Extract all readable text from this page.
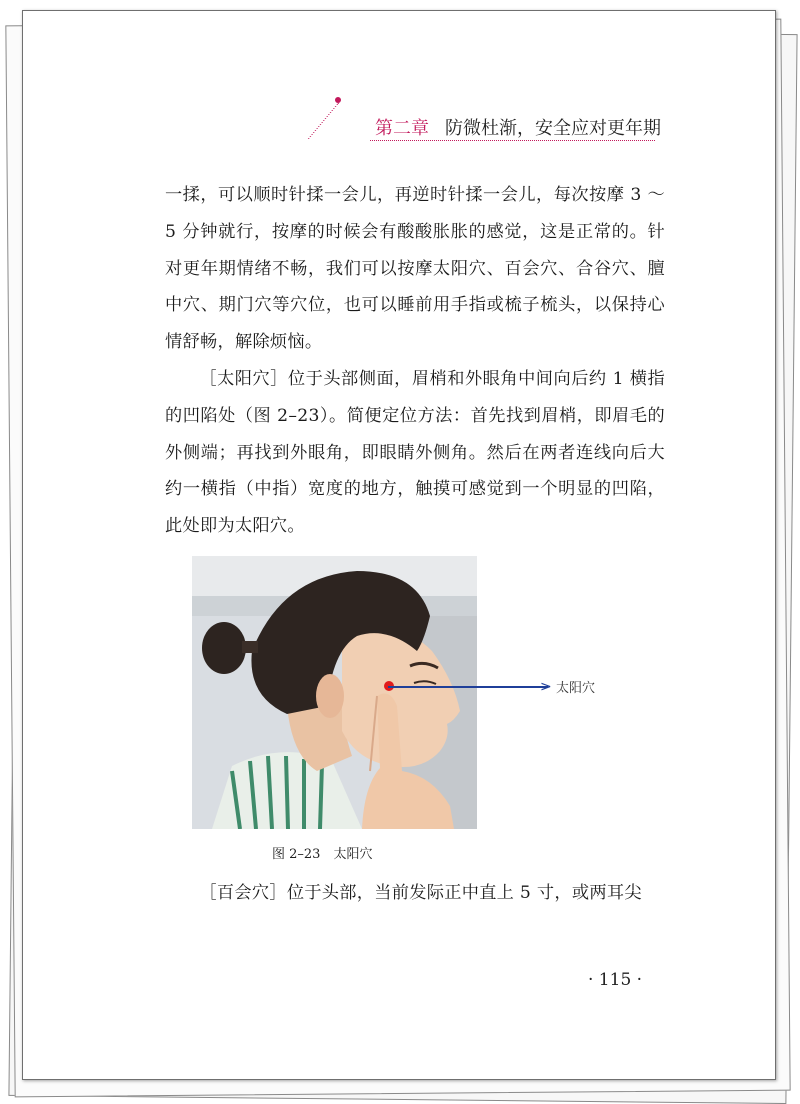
第二章 防微杜渐，安全应对更年期

一揉，可以顺时针揉一会儿，再逆时针揉一会儿，每次按摩 3 ～ 5 分钟就行，按摩的时候会有酸酸胀胀的感觉，这是正常的。针对更年期情绪不畅，我们可以按摩太阳穴、百会穴、合谷穴、膻中穴、期门穴等穴位，也可以睡前用手指或梳子梳头，以保持心情舒畅，解除烦恼。

［太阳穴］位于头部侧面，眉梢和外眼角中间向后约 1 横指的凹陷处（图 2–23）。简便定位方法：首先找到眉梢，即眉毛的外侧端；再找到外眼角，即眼睛外侧角。然后在两者连线向后大约一横指（中指）宽度的地方，触摸可感觉到一个明显的凹陷，此处即为太阳穴。

> 太阳穴
图 2–23　太阳穴

［百会穴］位于头部，当前发际正中直上 5 寸，或两耳尖

· 115 ·
